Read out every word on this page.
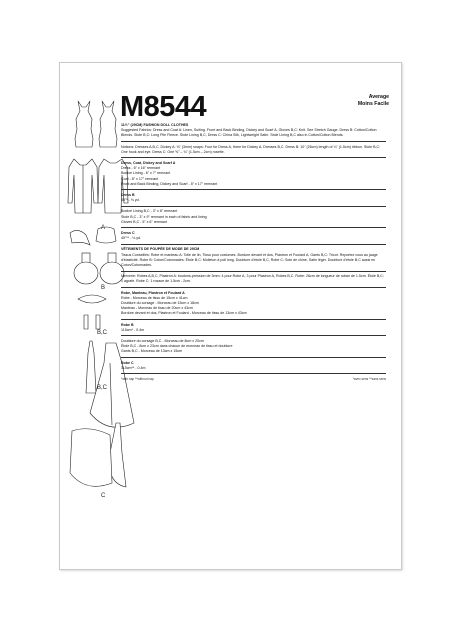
M8544	Average
Moins Facile
A
B
B,C
B,C
C
11½" (29CM) FASHION DOLL CLOTHES
Suggested Fabrics: Dress and Coat A: Linen, Suiting. Front and Back Binding, Dickey and Scarf A, Gloves B,C: Knit. See Stretch Gauge. Dress B: Cotton/Cotton Blends. Stole B,C: Long Pile Fleece. Stole Lining B,C, Dress C: China Silk, Lightweight Satin. Stole Lining B,C also in Cotton/Cotton Blends.
Notions: Dresses A,B,C, Dickey A: ⅛" (3mm) snaps: Four for Dress A, three for Dickey A, Dresses B,C. Dress B: 10" (26cm) length of ¼" (1.5cm) ribbon. Stole B,C: One hook and eye. Dress C: One ⅝" – ¾" (1.5cm – 2cm) rosette.
Dress, Coat, Dickey and Scarf A
Dress - 6" x 16" remnant
Bodice Lining - 6" x 7" remnant
Coat - 8" x 17" remnant
Front and Back Binding, Dickey and Scarf - 5" x 17" remnant
Dress B
45"* - ⅛ yd.
Bodice Lining B,C - 3" x 8" remnant
Stole B,C - 3" x 9" remnant in each of fabric and lining
Gloves B,C - 5" x 6" remnant
Dress C
45"** - ⅛ yd.
VÊTEMENTS DE POUPÉE DE MODE DE 29CM
Tissus Conseillés: Robe et manteau A: Toile de lin, Tissu pour costumes. Bordure devant et dos, Plastron et Foulard A, Gants B,C: Tricot. Reportez vous au jauge d'élasticité. Robe B: Coton/Cotonnades. Étole B,C: Molleton à poil long. Doublure d'étole B,C, Robe C: Soie de chine, Satin léger. Doublure d'étole B,C aussi en Coton/Cotonnades.
Mercerie: Robes A,B,C, Plastron A: boutons-pression de 3mm: 4 pour Robe A, 3 pour Plastron A, Robes B,C. Robe: 26cm de longueur de ruban de 1.5cm. Étole B,C: 1 agrafe. Robe C: 1 rosace de 1.5cm - 2cm.
Robe, Manteau, Plastron et Foulard A
Robe - Morceau de tissu de 15cm x 41cm
Doublure du corsage - Morceau de 15cm x 18cm
Manteau - Morceau de tissu de 20cm x 43cm
Bordure devant et dos, Plastron et Foulard - Morceau de tissu de 13cm x 43cm
Robe B
115cm* - 0.4m
Doublure du corsage B,C - Morceau de 8cm x 20cm
Étole B,C - 8cm x 23cm dans chacun de morceau de tissu et doublure
Gants B,C - Morceau de 13cm x 15cm
Robe C
115cm** - 0.4m
*with nap **without nap	*avec sens **sans sens
